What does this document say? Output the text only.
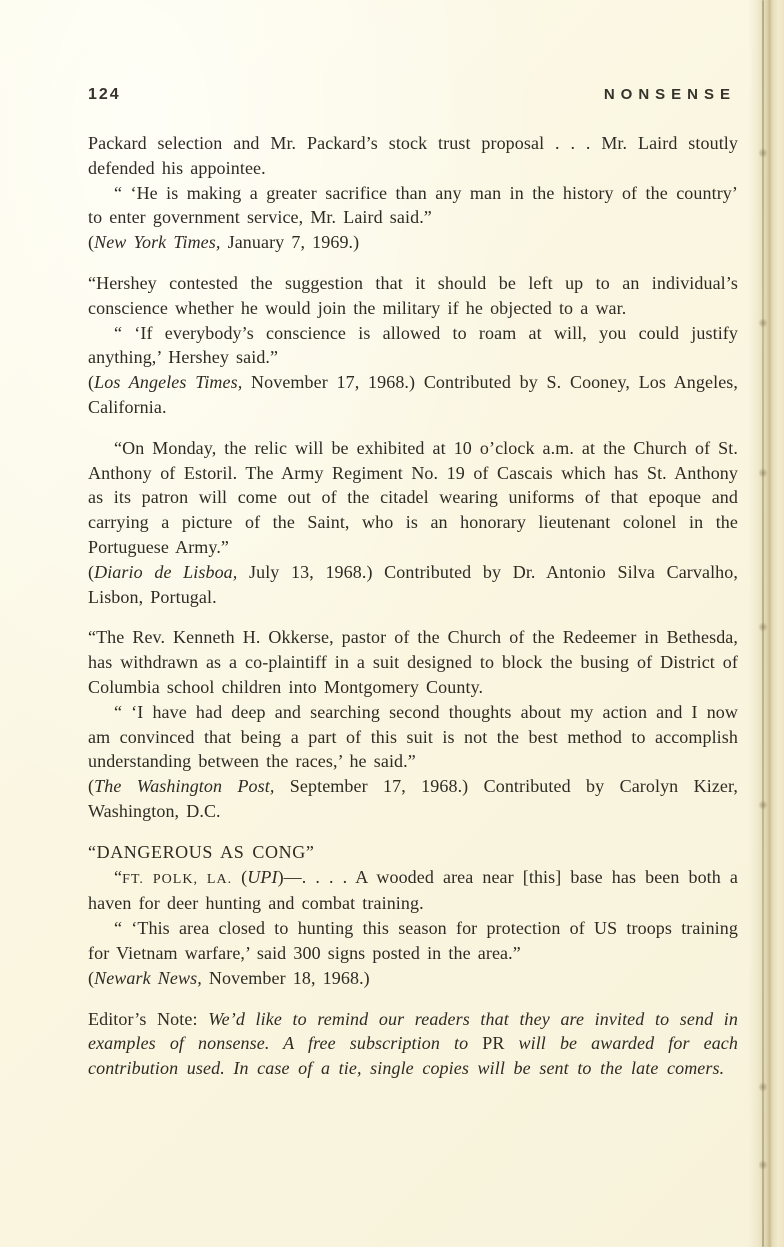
124	NONSENSE

Packard selection and Mr. Packard’s stock trust proposal . . . Mr. Laird stoutly defended his appointee.

“ ‘He is making a greater sacrifice than any man in the history of the country’ to enter government service, Mr. Laird said.”

(New York Times, January 7, 1969.)

“Hershey contested the suggestion that it should be left up to an individual’s conscience whether he would join the military if he objected to a war.

“ ‘If everybody’s conscience is allowed to roam at will, you could justify anything,’ Hershey said.”

(Los Angeles Times, November 17, 1968.) Contributed by S. Cooney, Los Angeles, California.

“On Monday, the relic will be exhibited at 10 o’clock a.m. at the Church of St. Anthony of Estoril. The Army Regiment No. 19 of Cascais which has St. Anthony as its patron will come out of the citadel wearing uniforms of that epoque and carrying a picture of the Saint, who is an honorary lieutenant colonel in the Portuguese Army.”

(Diario de Lisboa, July 13, 1968.) Contributed by Dr. Antonio Silva Carvalho, Lisbon, Portugal.

“The Rev. Kenneth H. Okkerse, pastor of the Church of the Redeemer in Bethesda, has withdrawn as a co-plaintiff in a suit designed to block the busing of District of Columbia school children into Montgomery County.

“ ‘I have had deep and searching second thoughts about my action and I now am convinced that being a part of this suit is not the best method to accomplish understanding between the races,’ he said.”

(The Washington Post, September 17, 1968.) Contributed by Carolyn Kizer, Washington, D.C.

“DANGEROUS AS CONG”

“FT. POLK, LA. (UPI)—. . . . A wooded area near [this] base has been both a haven for deer hunting and combat training.

“ ‘This area closed to hunting this season for protection of US troops training for Vietnam warfare,’ said 300 signs posted in the area.”

(Newark News, November 18, 1968.)

Editor’s Note: We’d like to remind our readers that they are invited to send in examples of nonsense. A free subscription to PR will be awarded for each contribution used. In case of a tie, single copies will be sent to the late comers.
